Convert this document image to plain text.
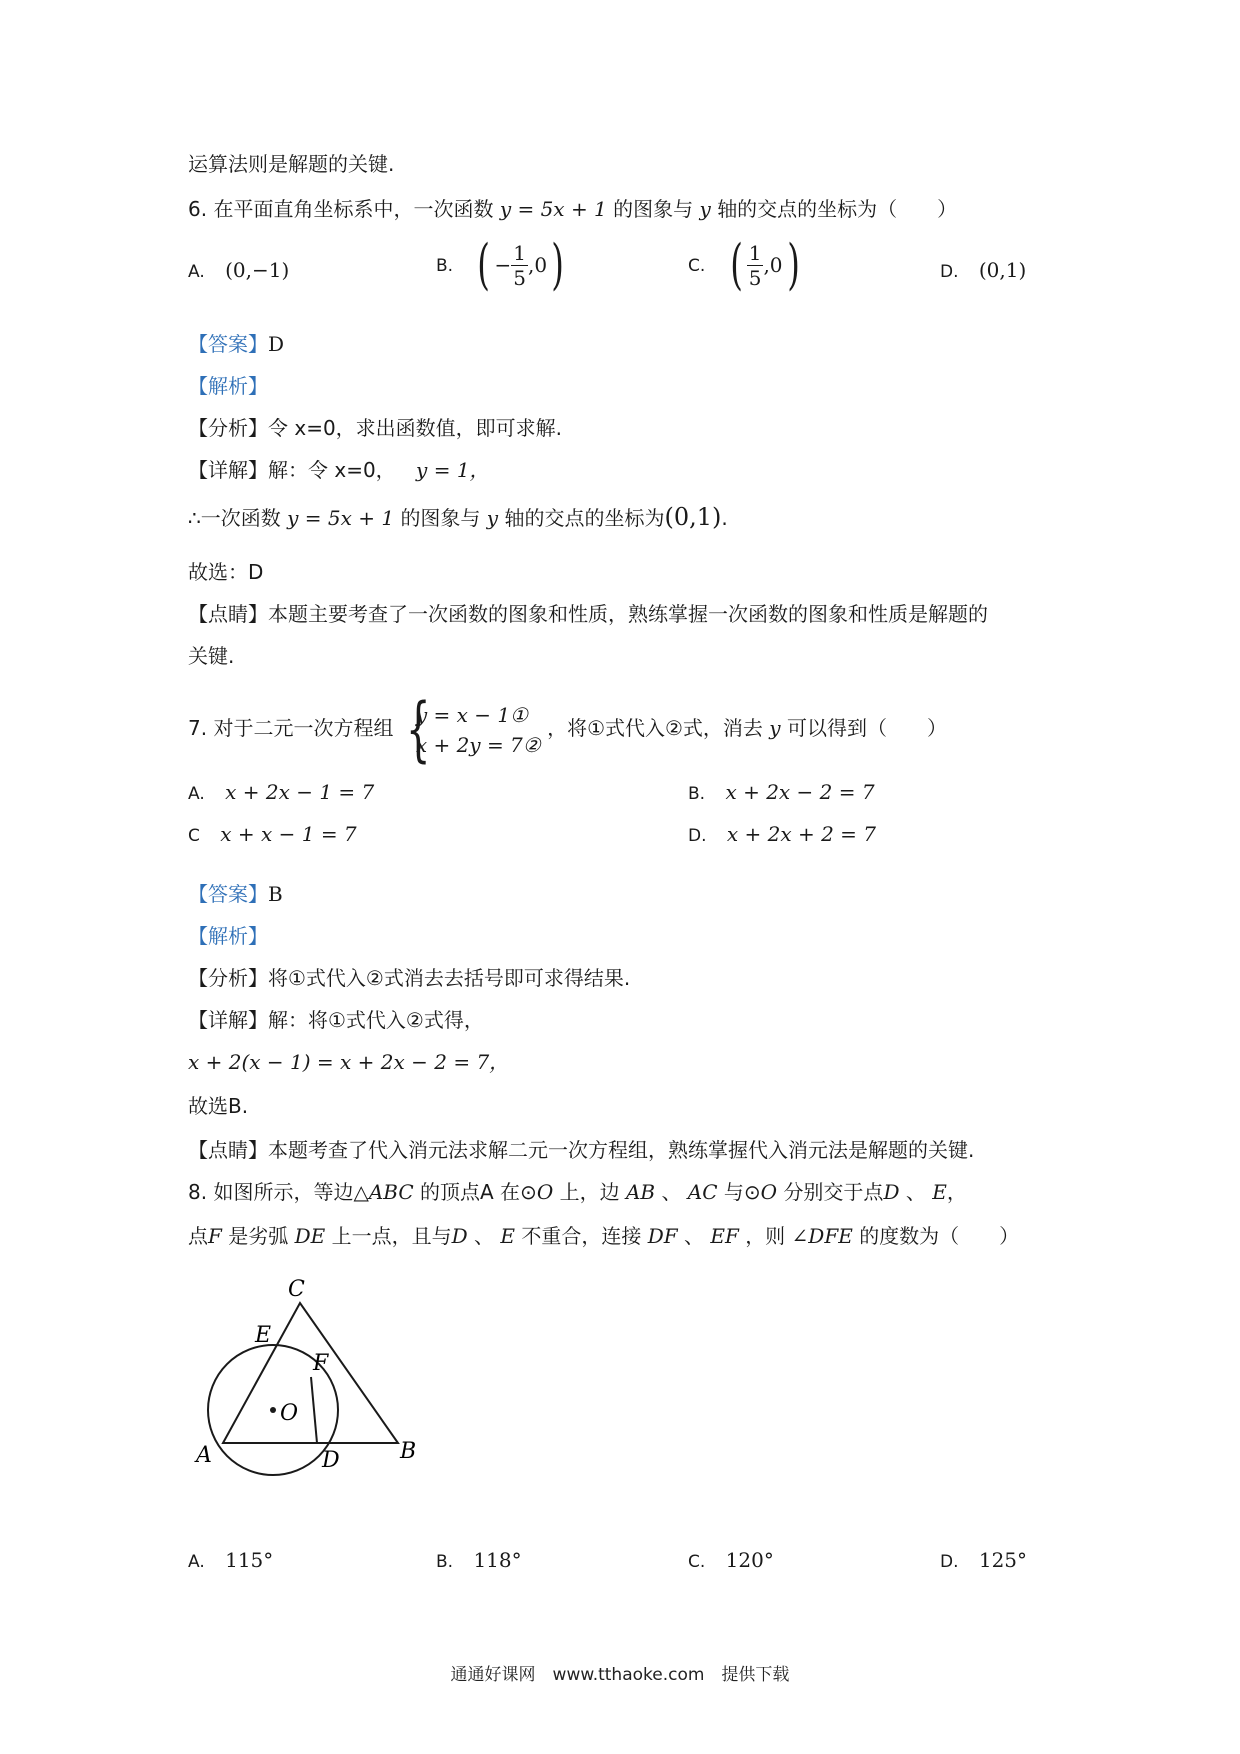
运算法则是解题的关键.
6. 在平面直角坐标系中，一次函数 y = 5x + 1 的图象与 y 轴的交点的坐标为（　　）
A. (0,−1)	B. ( − $\frac{1}{5} ,0$)	C. ( $\frac{1}{5} ,0$)	D. (0,1)
【答案】D
【解析】
【分析】令 x=0，求出函数值，即可求解.
【详解】解：令 x=0， y = 1，
∴一次函数 y = 5x + 1 的图象与 y 轴的交点的坐标为(0,1).
故选：D
【点睛】本题主要考查了一次函数的图象和性质，熟练掌握一次函数的图象和性质是解题的
关键.
7. 对于二元一次方程组 {
y = x − 1①
x + 2y = 7②
，将①式代入②式，消去 y 可以得到（　　）
A. x + 2x − 1 = 7	B. x + 2x − 2 = 7
C x + x − 1 = 7	D. x + 2x + 2 = 7
【答案】B
【解析】
【分析】将①式代入②式消去去括号即可求得结果.
【详解】解：将①式代入②式得，
x + 2(x − 1) = x + 2x − 2 = 7，
故选B.
【点睛】本题考查了代入消元法求解二元一次方程组，熟练掌握代入消元法是解题的关键.
8. 如图所示，等边△ABC 的顶点A 在⊙O 上，边 AB 、 AC 与⊙O 分别交于点D 、 E，
点F 是劣弧 DE 上一点，且与D 、 E 不重合，连接 DF 、 EF ，则 ∠DFE 的度数为（　　）
C
E
F
O
A	D	B
A. 115°	B. 118°	C. 120°	D. 125°
通通好课网　www.tthaoke.com　提供下载
